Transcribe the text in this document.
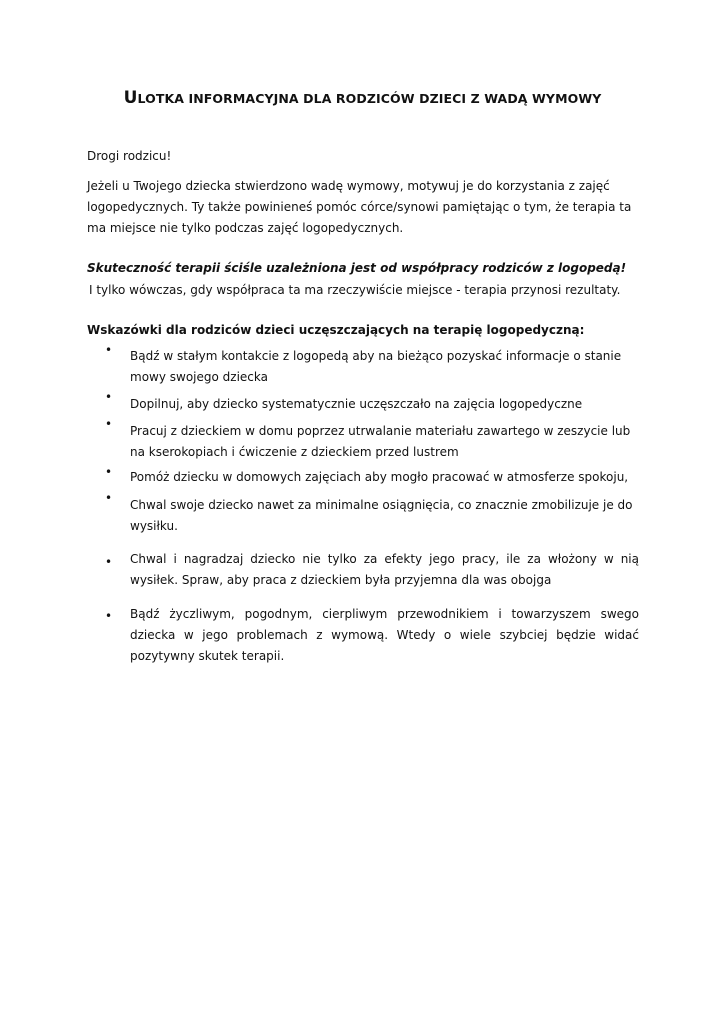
ULOTKA INFORMACYJNA DLA RODZICÓW DZIECI Z WADĄ WYMOWY

Drogi rodzicu!

Jeżeli u Twojego dziecka stwierdzono wadę wymowy, motywuj je do korzystania z zajęć logopedycznych. Ty także powinieneś pomóc córce/synowi pamiętając o tym, że terapia ta ma miejsce nie tylko podczas zajęć logopedycznych.

Skuteczność terapii ściśle uzależniona jest od współpracy rodziców z logopedą!

I tylko wówczas, gdy współpraca ta ma rzeczywiście miejsce - terapia przynosi rezultaty.

Wskazówki dla rodziców dzieci uczęszczających na terapię logopedyczną:

• Bądź w stałym kontakcie z logopedą aby na bieżąco pozyskać informacje o stanie mowy swojego dziecka

• Dopilnuj, aby dziecko systematycznie uczęszczało na zajęcia logopedyczne

• Pracuj z dzieckiem w domu poprzez utrwalanie materiału zawartego w zeszycie lub na kserokopiach i ćwiczenie z dzieckiem przed lustrem

• Pomóż dziecku w domowych zajęciach aby mogło pracować w atmosferze spokoju,

• Chwal swoje dziecko nawet za minimalne osiągnięcia, co znacznie zmobilizuje je do wysiłku.

• Chwal i nagradzaj dziecko nie tylko za efekty jego pracy, ile za włożony w nią wysiłek. Spraw, aby praca z dzieckiem była przyjemna dla was obojga

• Bądź życzliwym, pogodnym, cierpliwym przewodnikiem i towarzyszem swego dziecka w jego problemach z wymową. Wtedy o wiele szybciej będzie widać pozytywny skutek terapii.
